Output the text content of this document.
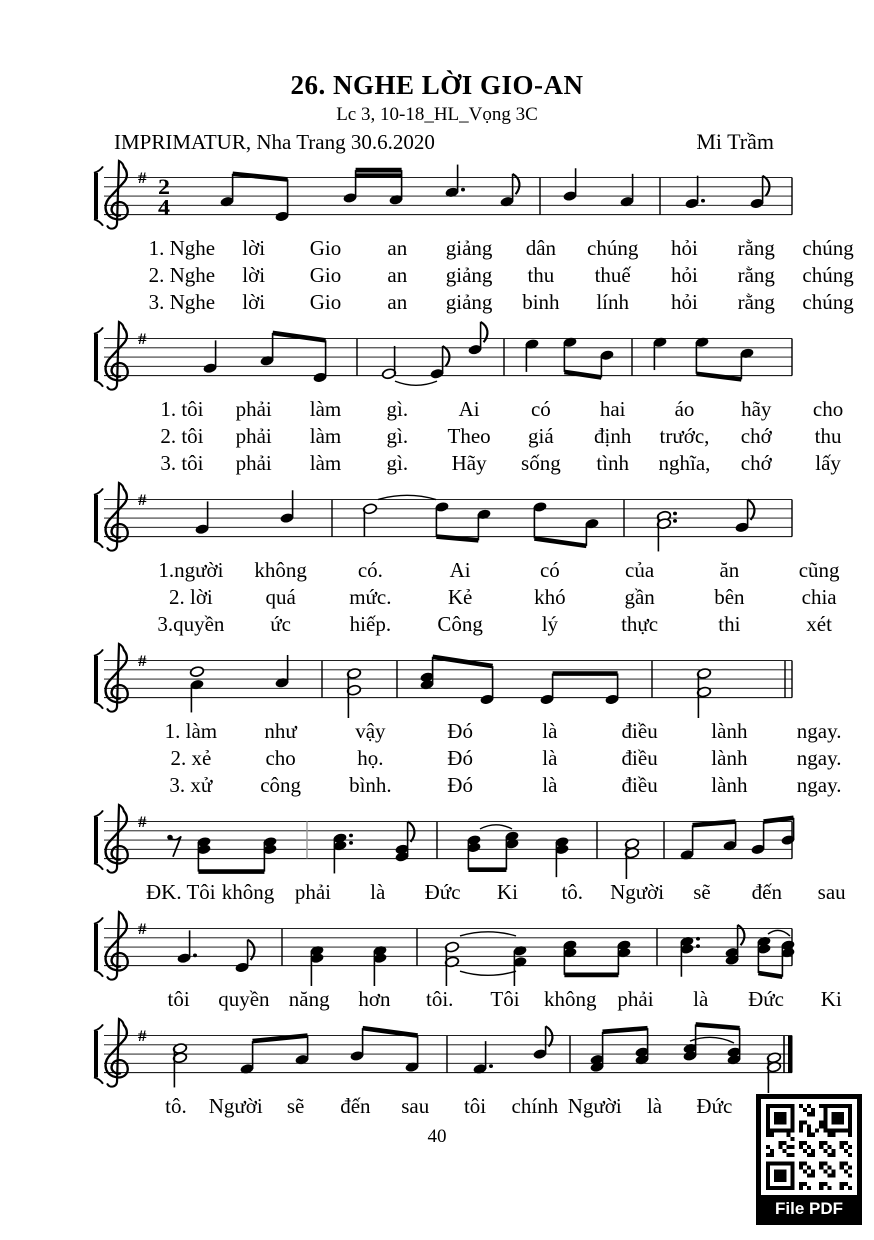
26. NGHE LỜI GIO-AN
Lc 3, 10-18_HL_Vọng 3C
IMPRIMATUR, Nha Trang 30.6.2020	Mi Trầm
# 2
4
1. Nghe	lời	Gio	an	giảng	dân	chúng	hỏi	rằng	chúng
2. Nghe	lời	Gio	an	giảng	thu	thuế	hỏi	rằng	chúng
3. Nghe	lời	Gio	an	giảng	binh	lính	hỏi	rằng	chúng
#
1. tôi	phải	làm	gì.	Ai	có	hai	áo	hãy	cho
2. tôi	phải	làm	gì.	Theo	giá	định	trước,	chớ	thu
3. tôi	phải	làm	gì.	Hãy	sống	tình	nghĩa,	chớ	lấy
#
1.người	không	có.	Ai	có	của	ăn	cũng
2. lời	quá	mức.	Kẻ	khó	gần	bên	chia
3.quyền	ức	hiếp.	Công	lý	thực	thi	xét
#
1. làm	như	vậy	Đó	là	điều	lành	ngay.
2. xẻ	cho	họ.	Đó	là	điều	lành	ngay.
3. xử	công	bình.	Đó	là	điều	lành	ngay.
#
ĐK. Tôi không phải	là	Đức	Ki	tô.	Người	sẽ	đến	sau
#
tôi	quyền năng	hơn	tôi.	Tôi	không phải	là	Đức	Ki
#
tô.	Người	sẽ	đến	sau	tôi	chính Người	là	Đức
40
File PDF
